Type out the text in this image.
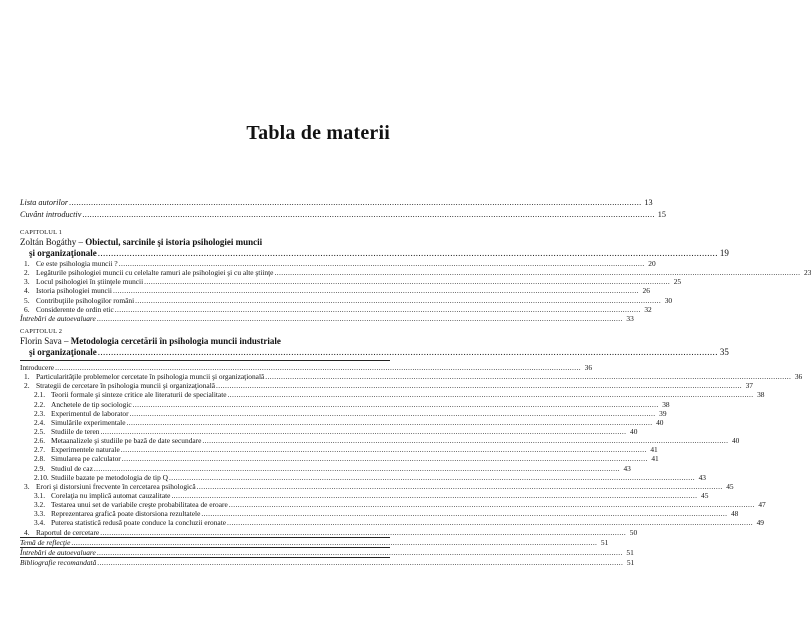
Tabla de materii
Lista autorilor .....	13
Cuvânt introductiv .....	15
CAPITOLUL 1
Zoltán Bogáthy – Obiectul, sarcinile şi istoria psihologiei muncii
şi organizaţionale .....	19
1. Ce este psihologia muncii ? .....	20
2. Legăturile psihologiei muncii cu celelalte ramuri ale psihologiei şi cu alte ştiinţe .....	23
3. Locul psihologiei în ştiinţele muncii .....	25
4. Istoria psihologiei muncii .....	26
5. Contribuţiile psihologilor români .....	30
6. Considerente de ordin etic .....	32
Întrebări de autoevaluare .....	33
CAPITOLUL 2
Florin Sava – Metodologia cercetării în psihologia muncii industriale
şi organizaţionale .....	35
Introducere .....	36
1. Particularităţile problemelor cercetate în psihologia muncii şi organizaţională .....	36
2. Strategii de cercetare în psihologia muncii şi organizaţională .....	37
2.1. Teorii formale şi sinteze critice ale literaturii de specialitate .....	38
2.2. Anchetele de tip sociologic .....	38
2.3. Experimentul de laborator .....	39
2.4. Simulările experimentale .....	40
2.5. Studiile de teren .....	40
2.6. Metaanalizele şi studiile pe bază de date secundare .....	40
2.7. Experimentele naturale .....	41
2.8. Simularea pe calculator .....	41
2.9. Studiul de caz .....	43
2.10. Studiile bazate pe metodologia de tip Q .....	43
3. Erori şi distorsiuni frecvente în cercetarea psihologică .....	45
3.1. Corelaţia nu implică automat cauzalitate .....	45
3.2. Testarea unui set de variabile creşte probabilitatea de eroare .....	47
3.3. Reprezentarea grafică poate distorsiona rezultatele .....	48
3.4. Puterea statistică redusă poate conduce la concluzii eronate .....	49
4. Raportul de cercetare .....	50
Temă de reflecţie .....	51
Întrebări de autoevaluare .....	51
Bibliografie recomandată .....	51
